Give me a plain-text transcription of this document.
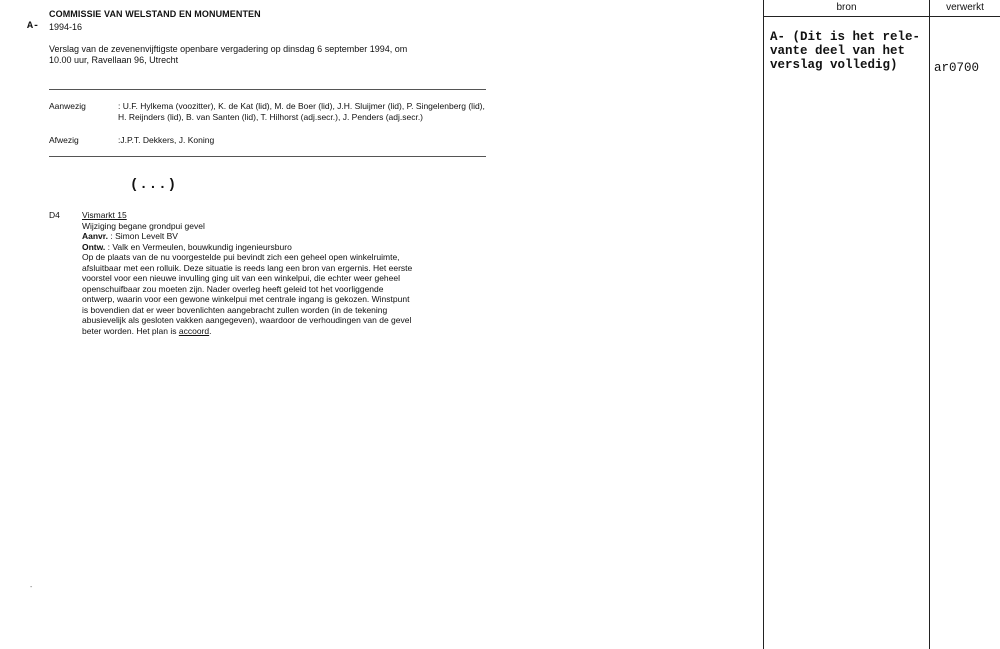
COMMISSIE VAN WELSTAND EN MONUMENTEN
A- 1994-16
Verslag van de zevenenvijftigste openbare vergadering op dinsdag 6 september 1994, om
10.00 uur, Ravellaan 96, Utrecht
Aanwezig	: U.F. Hylkema (voozitter), K. de Kat (lid), M. de Boer (lid), J.H. Sluijmer (lid), P. Singelenberg (lid), H. Reijnders (lid), B. van Santen (lid), T. Hilhorst (adj.secr.), J. Penders (adj.secr.)
Afwezig	:J.P.T. Dekkers, J. Koning
(...)
D4	Vismarkt 15
Wijziging begane grondpui gevel
Aanvr. : Simon Levelt BV
Ontw. : Valk en Vermeulen, bouwkundig ingenieursburo
Op de plaats van de nu voorgestelde pui bevindt zich een geheel open winkelruimte,
afsluitbaar met een rolluik. Deze situatie is reeds lang een bron van ergernis. Het eerste
voorstel voor een nieuwe invulling ging uit van een winkelpui, die echter weer geheel
openschuifbaar zou moeten zijn. Nader overleg heeft geleid tot het voorliggende
ontwerp, waarin voor een gewone winkelpui met centrale ingang is gekozen. Winstpunt
is bovendien dat er weer bovenlichten aangebracht zullen worden (in de tekening
abusievelijk als gesloten vakken aangegeven), waardoor de verhoudingen van de gevel
beter worden. Het plan is accoord.
-
bron	verwerkt
A- (Dit is het rele-
vante deel van het
verslag volledig)	ar0700
